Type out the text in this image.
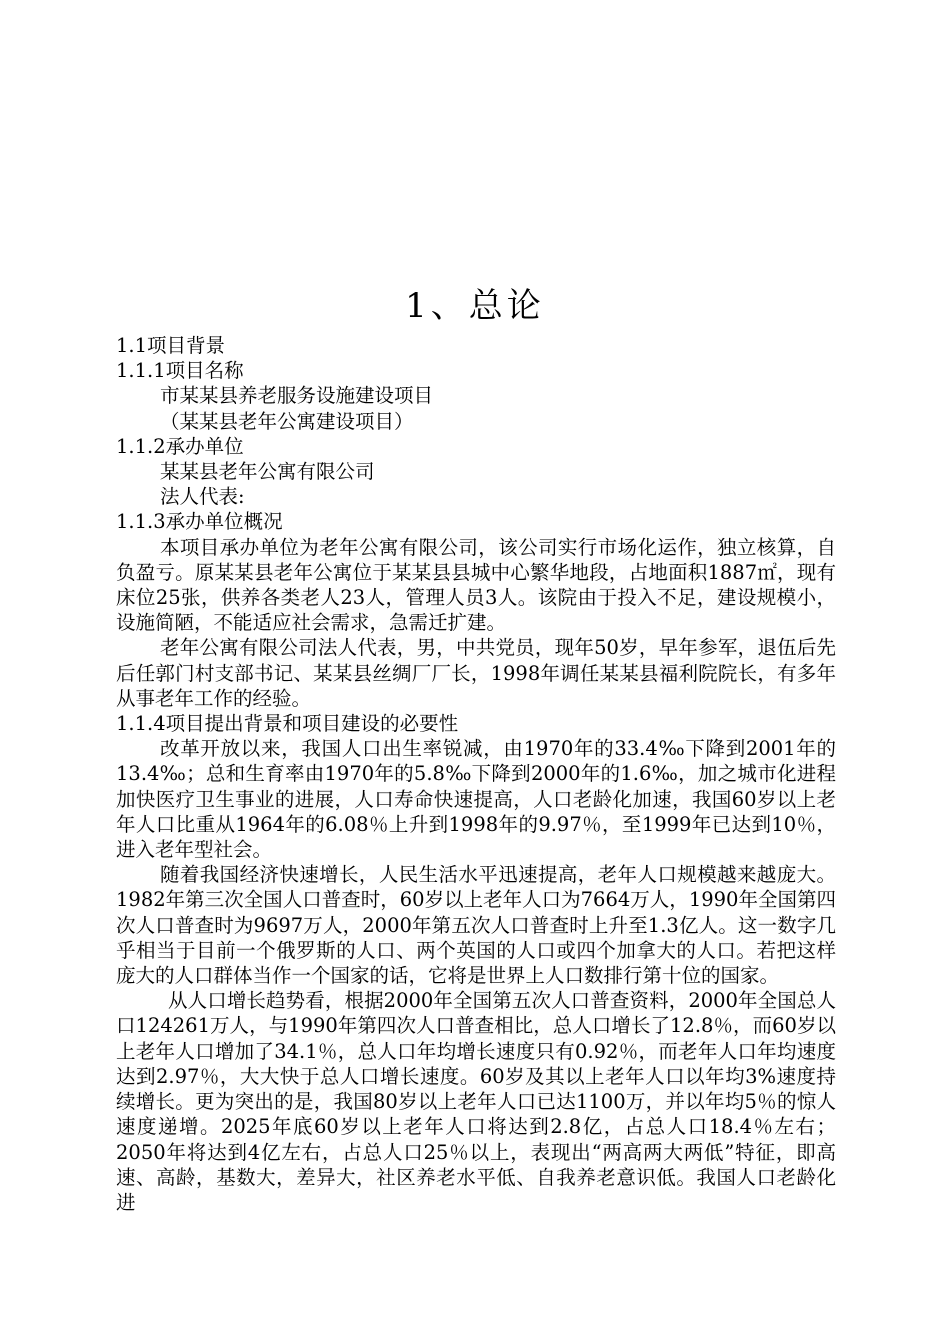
1、总论

1.1项目背景

1.1.1项目名称

市某某县养老服务设施建设项目

（某某县老年公寓建设项目）

1.1.2承办单位

某某县老年公寓有限公司

法人代表:

1.1.3承办单位概况

本项目承办单位为老年公寓有限公司，该公司实行市场化运作，独立核算，自负盈亏。原某某县老年公寓位于某某县县城中心繁华地段，占地面积1887㎡，现有床位25张，供养各类老人23人，管理人员3人。该院由于投入不足，建设规模小，设施简陋，不能适应社会需求，急需迁扩建。

老年公寓有限公司法人代表，男，中共党员，现年50岁，早年参军，退伍后先后任郭门村支部书记、某某县丝绸厂厂长，1998年调任某某县福利院院长，有多年从事老年工作的经验。

1.1.4项目提出背景和项目建设的必要性

改革开放以来，我国人口出生率锐减，由1970年的33.4‰下降到2001年的13.4‰；总和生育率由1970年的5.8‰下降到2000年的1.6‰，加之城市化进程加快医疗卫生事业的进展，人口寿命快速提高，人口老龄化加速，我国60岁以上老年人口比重从1964年的6.08％上升到1998年的9.97％，至1999年已达到10％，进入老年型社会。

随着我国经济快速增长，人民生活水平迅速提高，老年人口规模越来越庞大。1982年第三次全国人口普查时，60岁以上老年人口为7664万人，1990年全国第四次人口普查时为9697万人，2000年第五次人口普查时上升至1.3亿人。这一数字几乎相当于目前一个俄罗斯的人口、两个英国的人口或四个加拿大的人口。若把这样庞大的人口群体当作一个国家的话，它将是世界上人口数排行第十位的国家。

从人口增长趋势看，根据2000年全国第五次人口普查资料，2000年全国总人口124261万人，与1990年第四次人口普查相比，总人口增长了12.8％，而60岁以上老年人口增加了34.1％，总人口年均增长速度只有0.92％，而老年人口年均速度达到2.97％，大大快于总人口增长速度。60岁及其以上老年人口以年均3%速度持续增长。更为突出的是，我国80岁以上老年人口已达1100万，并以年均5％的惊人速度递增。2025年底60岁以上老年人口将达到2.8亿，占总人口18.4％左右；2050年将达到4亿左右，占总人口25％以上，表现出“两高两大两低”特征，即高速、高龄，基数大，差异大，社区养老水平低、自我养老意识低。我国人口老龄化进
